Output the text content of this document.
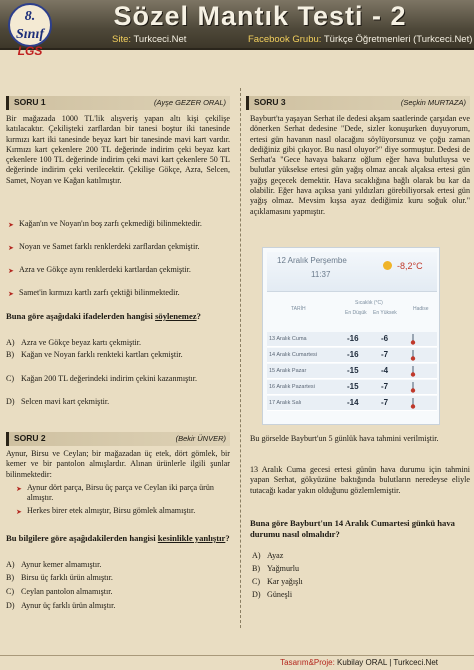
8. Sınıf
LGS
Sözel Mantık Testi - 2
Site: Turkceci.Net	Facebook Grubu: Türkçe Öğretmenleri (Turkceci.Net)
SORU 1	(Ayşe GEZER ORAL)
Bir mağazada 1000 TL'lik alışveriş yapan altı kişi çekilişe katılacaktır. Çekilişteki zarflardan bir tanesi boştur iki tanesinde kırmızı kart iki tanesinde beyaz kart bir tanesinde mavi kart vardır. Kırmızı kart çekenlere 200 TL değerinde indirim çeki beyaz kart çekenlere 100 TL değerinde indirim çeki mavi kart çekenlere 50 TL değerinde indirim çeki verilecektir. Çekilişe Gökçe, Azra, Selcen, Samet, Noyan ve Kağan katılmıştır.
➤ Kağan'ın ve Noyan'ın boş zarfı çekmediği bilinmektedir.
➤ Noyan ve Samet farklı renklerdeki zarflardan çekmiştir.
➤ Azra ve Gökçe aynı renklerdeki kartlardan çekmiştir.
➤ Samet'in kırmızı kartlı zarfı çektiği bilinmektedir.
Buna göre aşağıdaki ifadelerden hangisi söylenemez?
A) Azra ve Gökçe beyaz kartı çekmiştir.
B) Kağan ve Noyan farklı renkteki kartları çekmiştir.
C) Kağan 200 TL değerindeki indirim çekini kazanmıştır.
D) Selcen mavi kart çekmiştir.
SORU 2	(Bekir ÜNVER)
Aynur, Birsu ve Ceylan; bir mağazadan üç etek, dört gömlek, bir kemer ve bir pantolon almışlardır. Alınan ürünlerle ilgili şunlar bilinmektedir:
➤ Aynur dört parça, Birsu üç parça ve Ceylan iki parça ürün almıştır.
➤ Herkes birer etek almıştır, Birsu gömlek almamıştır.
Bu bilgilere göre aşağıdakilerden hangisi kesinlikle yanlıştır?
A) Aynur kemer almamıştır.
B) Birsu üç farklı ürün almıştır.
C) Ceylan pantolon almamıştır.
D) Aynur üç farklı ürün almıştır.
SORU 3	(Seçkin MURTAZA)
Bayburt'ta yaşayan Serhat ile dedesi akşam saatlerinde çarşıdan eve dönerken Serhat dedesine "Dede, sizler konuşurken duyuyorum, ertesi gün havanın nasıl olacağını söylüyorsunuz ve çoğu zaman dediğiniz gibi çıkıyor. Bu nasıl oluyor?" diye sormuştur. Dedesi de Serhat'a "Gece havaya bakarız oğlum eğer hava bulutluysa ve bulutlar yüksekse ertesi gün yağış olmaz ancak alçaksa ertesi gün yağış geçecek demektir. Hava sıcaklığına bağlı olarak bu kar da olabilir. Eğer hava açıksa yani yıldızları görebiliyorsak ertesi gün yağış olmaz. Mevsim kışsa ayaz dediğimiz kuru soğuk olur." açıklamasını yapmıştır.
12 Aralık Perşembe
11:37
-8,2°C
TARİH
Sıcaklık (°C)
En Düşük En Yüksek
Hadise
13 Aralık Cuma	-16	-6
14 Aralık Cumartesi	-16	-7
15 Aralık Pazar	-15	-4
16 Aralık Pazartesi	-15	-7
17 Aralık Salı	-14	-7
Bu görselde Bayburt'un 5 günlük hava tahmini verilmiştir.
13 Aralık Cuma gecesi ertesi günün hava durumu için tahmini yapan Serhat, gökyüzüne baktığında bulutların neredeyse eliyle tutacağı kadar yakın olduğunu gözlemlemiştir.
Buna göre Bayburt'un 14 Aralık Cumartesi günkü hava durumu nasıl olmalıdır?
A) Ayaz
B) Yağmurlu
C) Kar yağışlı
D) Güneşli
Tasarım&Proje: Kubilay ORAL | Turkceci.Net
